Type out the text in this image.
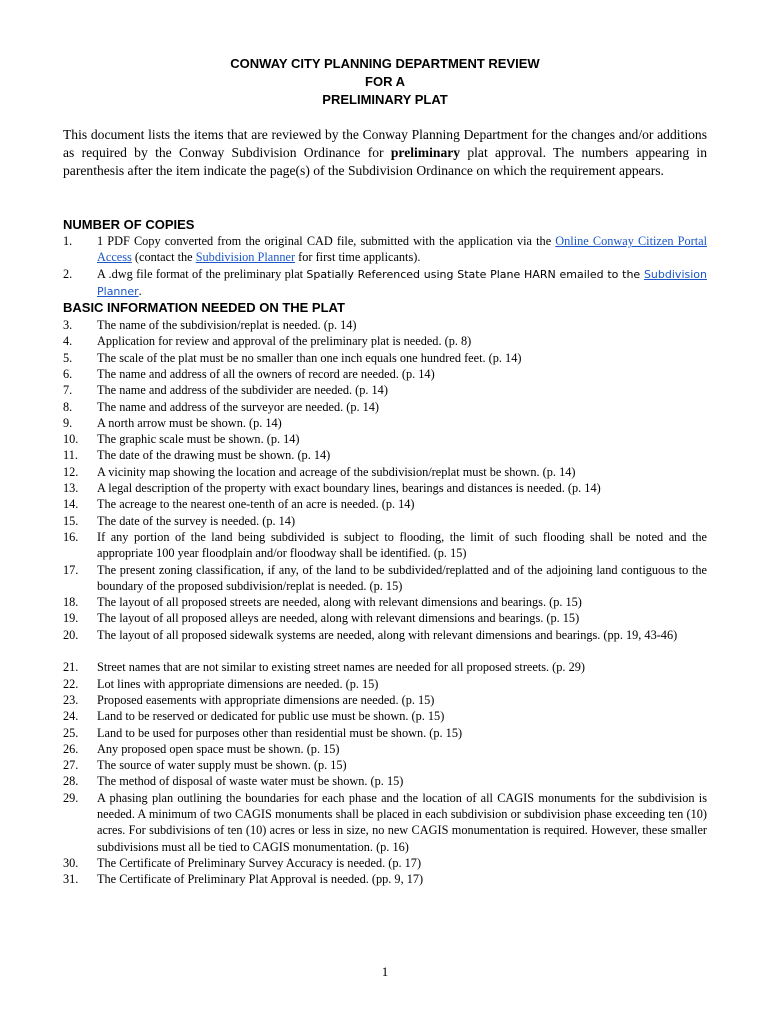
CONWAY CITY PLANNING DEPARTMENT REVIEW
FOR A
PRELIMINARY PLAT
This document lists the items that are reviewed by the Conway Planning Department for the changes and/or additions as required by the Conway Subdivision Ordinance for preliminary plat approval. The numbers appearing in parenthesis after the item indicate the page(s) of the Subdivision Ordinance on which the requirement appears.
NUMBER OF COPIES
1.	1 PDF Copy converted from the original CAD file, submitted with the application via the Online Conway Citizen Portal Access (contact the Subdivision Planner for first time applicants).
2.	A .dwg file format of the preliminary plat Spatially Referenced using State Plane HARN emailed to the Subdivision Planner.
BASIC INFORMATION NEEDED ON THE PLAT
3.	The name of the subdivision/replat is needed. (p. 14)
4.	Application for review and approval of the preliminary plat is needed. (p. 8)
5.	The scale of the plat must be no smaller than one inch equals one hundred feet. (p. 14)
6.	The name and address of all the owners of record are needed. (p. 14)
7.	The name and address of the subdivider are needed. (p. 14)
8.	The name and address of the surveyor are needed. (p. 14)
9.	A north arrow must be shown. (p. 14)
10.	The graphic scale must be shown. (p. 14)
11.	The date of the drawing must be shown. (p. 14)
12.	A vicinity map showing the location and acreage of the subdivision/replat must be shown. (p. 14)
13.	A legal description of the property with exact boundary lines, bearings and distances is needed. (p. 14)
14.	The acreage to the nearest one-tenth of an acre is needed. (p. 14)
15.	The date of the survey is needed. (p. 14)
16.	If any portion of the land being subdivided is subject to flooding, the limit of such flooding shall be noted and the appropriate 100 year floodplain and/or floodway shall be identified. (p. 15)
17.	The present zoning classification, if any, of the land to be subdivided/replatted and of the adjoining land contiguous to the boundary of the proposed subdivision/replat is needed. (p. 15)
18.	The layout of all proposed streets are needed, along with relevant dimensions and bearings. (p. 15)
19.	The layout of all proposed alleys are needed, along with relevant dimensions and bearings. (p. 15)
20.	The layout of all proposed sidewalk systems are needed, along with relevant dimensions and bearings. (pp. 19, 43-46)
21.	Street names that are not similar to existing street names are needed for all proposed streets. (p. 29)
22.	Lot lines with appropriate dimensions are needed. (p. 15)
23.	Proposed easements with appropriate dimensions are needed. (p. 15)
24.	Land to be reserved or dedicated for public use must be shown. (p. 15)
25.	Land to be used for purposes other than residential must be shown. (p. 15)
26.	Any proposed open space must be shown. (p. 15)
27.	The source of water supply must be shown. (p. 15)
28.	The method of disposal of waste water must be shown. (p. 15)
29.	A phasing plan outlining the boundaries for each phase and the location of all CAGIS monuments for the subdivision is needed. A minimum of two CAGIS monuments shall be placed in each subdivision or subdivision phase exceeding ten (10) acres. For subdivisions of ten (10) acres or less in size, no new CAGIS monumentation is required. However, these smaller subdivisions must all be tied to CAGIS monumentation. (p. 16)
30.	The Certificate of Preliminary Survey Accuracy is needed. (p. 17)
31.	The Certificate of Preliminary Plat Approval is needed. (pp. 9, 17)
1
